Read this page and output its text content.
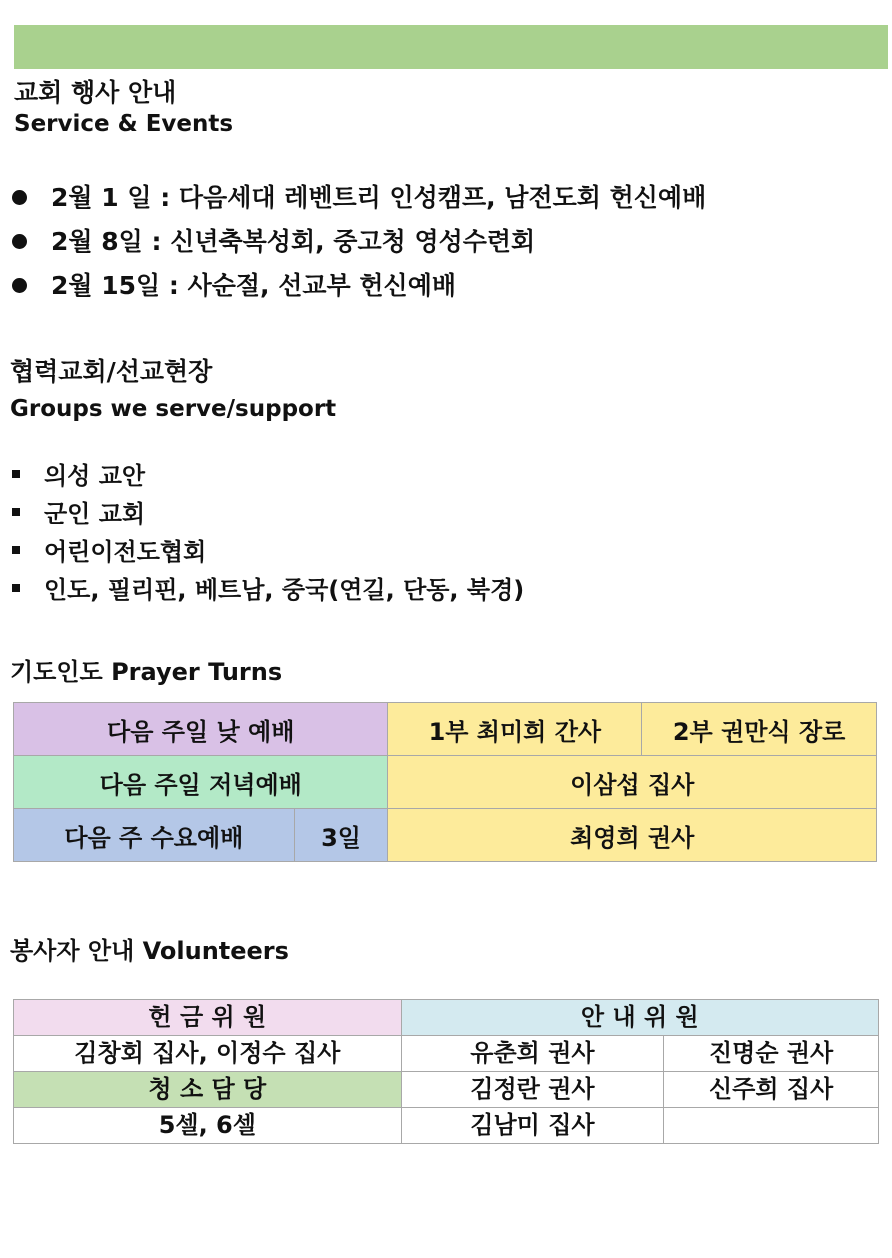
교회 행사 안내
Service & Events
2월 1 일 : 다음세대 레벤트리 인성캠프, 남전도회 헌신예배
2월 8일 : 신년축복성회, 중고청 영성수련회
2월 15일 : 사순절, 선교부 헌신예배
협력교회/선교현장
Groups we serve/support
의성 교안
군인 교회
어린이전도협회
인도, 필리핀, 베트남, 중국(연길, 단동, 북경)
기도인도 Prayer Turns
다음 주일 낮 예배		1부 최미희 간사	2부 권만식 장로
다음 주일 저녁예배		이삼섭 집사	
다음 주 수요예배	3일	최영희 권사	
봉사자 안내 Volunteers
헌 금 위 원	안 내 위 원	
김창회 집사, 이정수 집사	유춘희 권사	진명순 권사
청 소 담 당	김정란 권사	신주희 집사
5셀, 6셀	김남미 집사	
